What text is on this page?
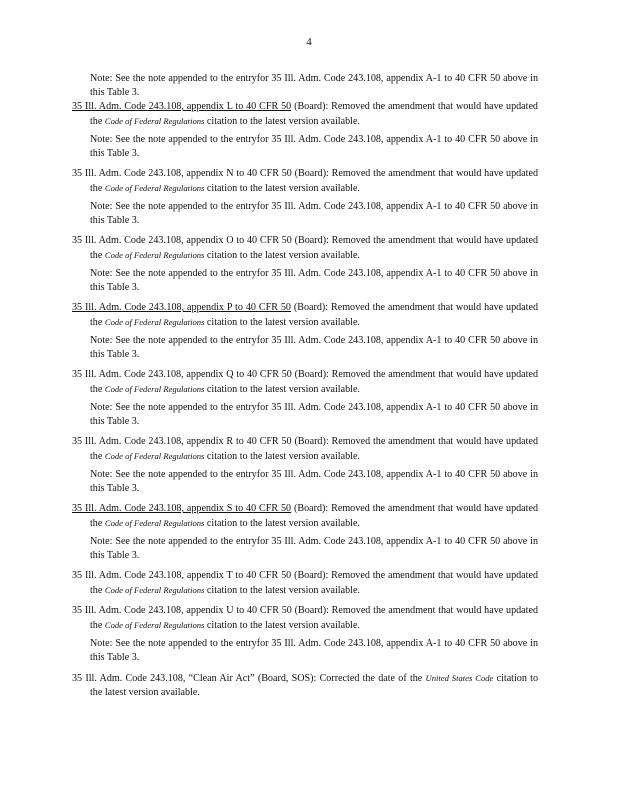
4

Note: See the note appended to the entryfor 35 Ill. Adm. Code 243.108, appendix A-1 to 40 CFR 50 above in this Table 3.

35 Ill. Adm. Code 243.108, appendix L to 40 CFR 50 (Board): Removed the amendment that would have updated the Code of Federal Regulations citation to the latest version available.

Note: See the note appended to the entryfor 35 Ill. Adm. Code 243.108, appendix A-1 to 40 CFR 50 above in this Table 3.

35 Ill. Adm. Code 243.108, appendix N to 40 CFR 50 (Board): Removed the amendment that would have updated the Code of Federal Regulations citation to the latest version available.

Note: See the note appended to the entryfor 35 Ill. Adm. Code 243.108, appendix A-1 to 40 CFR 50 above in this Table 3.

35 Ill. Adm. Code 243.108, appendix O to 40 CFR 50 (Board): Removed the amendment that would have updated the Code of Federal Regulations citation to the latest version available.

Note: See the note appended to the entryfor 35 Ill. Adm. Code 243.108, appendix A-1 to 40 CFR 50 above in this Table 3.

35 Ill. Adm. Code 243.108, appendix P to 40 CFR 50 (Board): Removed the amendment that would have updated the Code of Federal Regulations citation to the latest version available.

Note: See the note appended to the entryfor 35 Ill. Adm. Code 243.108, appendix A-1 to 40 CFR 50 above in this Table 3.

35 Ill. Adm. Code 243.108, appendix Q to 40 CFR 50 (Board): Removed the amendment that would have updated the Code of Federal Regulations citation to the latest version available.

Note: See the note appended to the entryfor 35 Ill. Adm. Code 243.108, appendix A-1 to 40 CFR 50 above in this Table 3.

35 Ill. Adm. Code 243.108, appendix R to 40 CFR 50 (Board): Removed the amendment that would have updated the Code of Federal Regulations citation to the latest version available.

Note: See the note appended to the entryfor 35 Ill. Adm. Code 243.108, appendix A-1 to 40 CFR 50 above in this Table 3.

35 Ill. Adm. Code 243.108, appendix S to 40 CFR 50 (Board): Removed the amendment that would have updated the Code of Federal Regulations citation to the latest version available.

Note: See the note appended to the entryfor 35 Ill. Adm. Code 243.108, appendix A-1 to 40 CFR 50 above in this Table 3.

35 Ill. Adm. Code 243.108, appendix T to 40 CFR 50 (Board): Removed the amendment that would have updated the Code of Federal Regulations citation to the latest version available.

35 Ill. Adm. Code 243.108, appendix U to 40 CFR 50 (Board): Removed the amendment that would have updated the Code of Federal Regulations citation to the latest version available.

Note: See the note appended to the entryfor 35 Ill. Adm. Code 243.108, appendix A-1 to 40 CFR 50 above in this Table 3.

35 Ill. Adm. Code 243.108, “Clean Air Act” (Board, SOS): Corrected the date of the United States Code citation to the latest version available.
